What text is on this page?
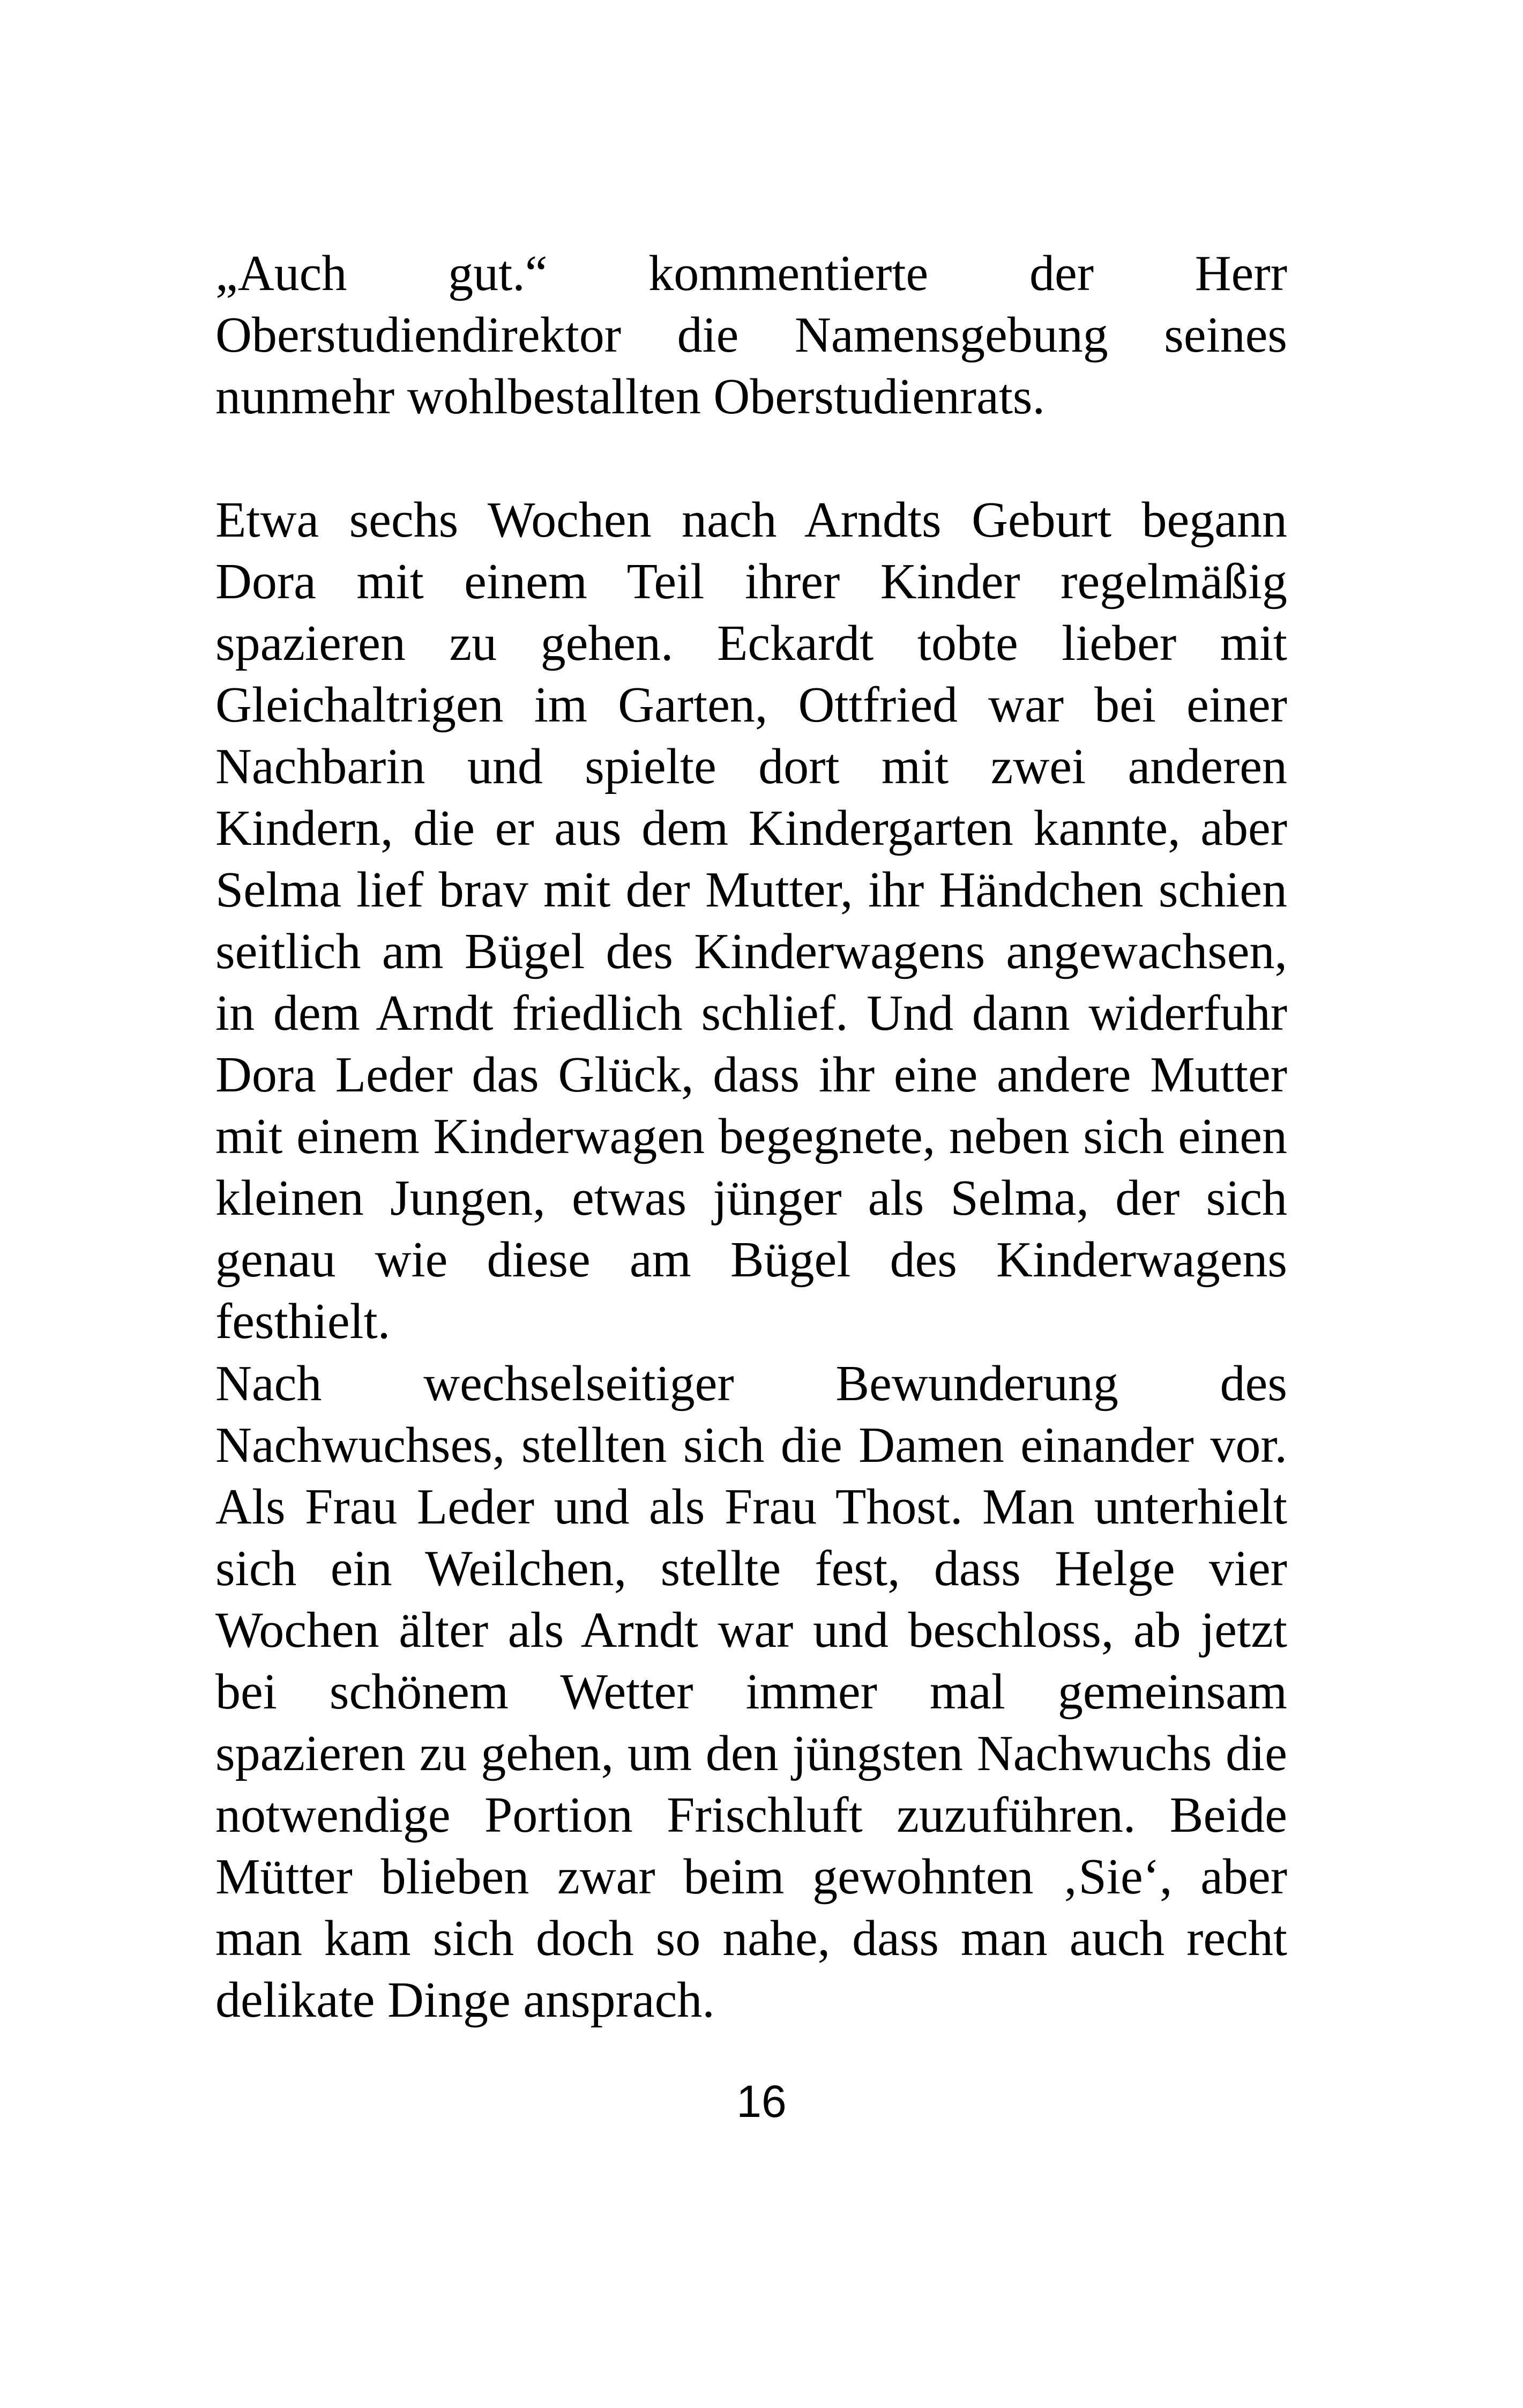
„Auch gut.“ kommentierte der Herr Oberstudiendirektor die Namensgebung seines nunmehr wohlbestallten Oberstudienrats.
Etwa sechs Wochen nach Arndts Geburt begann Dora mit einem Teil ihrer Kinder regelmäßig spazieren zu gehen. Eckardt tobte lieber mit Gleichaltrigen im Garten, Ottfried war bei einer Nachbarin und spielte dort mit zwei anderen Kindern, die er aus dem Kindergarten kannte, aber Selma lief brav mit der Mutter, ihr Händchen schien seitlich am Bügel des Kinderwagens angewachsen, in dem Arndt friedlich schlief. Und dann widerfuhr Dora Leder das Glück, dass ihr eine andere Mutter mit einem Kinderwagen begegnete, neben sich einen kleinen Jungen, etwas jünger als Selma, der sich genau wie diese am Bügel des Kinderwagens festhielt.
Nach wechselseitiger Bewunderung des Nachwuchses, stellten sich die Damen einander vor. Als Frau Leder und als Frau Thost. Man unterhielt sich ein Weilchen, stellte fest, dass Helge vier Wochen älter als Arndt war und beschloss, ab jetzt bei schönem Wetter immer mal gemeinsam spazieren zu gehen, um den jüngsten Nachwuchs die notwendige Portion Frischluft zuzuführen. Beide Mütter blieben zwar beim gewohnten ‚Sie‘, aber man kam sich doch so nahe, dass man auch recht delikate Dinge ansprach.
16
